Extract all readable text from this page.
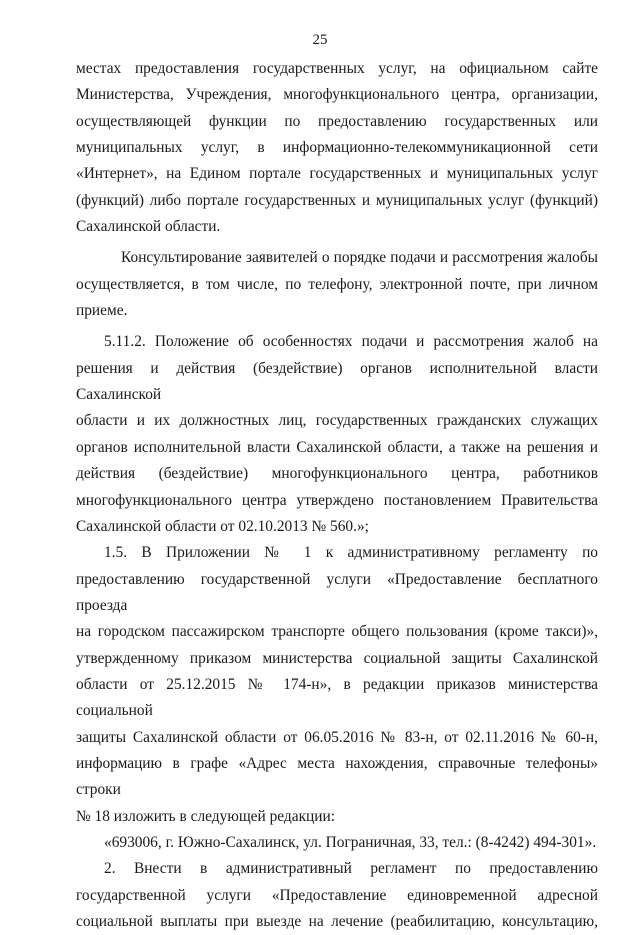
25
местах предоставления государственных услуг, на официальном сайте
Министерства, Учреждения, многофункционального центра, организации,
осуществляющей функции по предоставлению государственных или
муниципальных услуг, в информационно-телекоммуникационной сети
«Интернет», на Едином портале государственных и муниципальных услуг
(функций) либо портале государственных и муниципальных услуг (функций)
Сахалинской области.
Консультирование заявителей о порядке подачи и рассмотрения жалобы
осуществляется, в том числе, по телефону, электронной почте, при личном
приеме.
5.11.2. Положение об особенностях подачи и рассмотрения жалоб на
решения и действия (бездействие) органов исполнительной власти Сахалинской
области и их должностных лиц, государственных гражданских служащих
органов исполнительной власти Сахалинской области, а также на решения и
действия (бездействие) многофункционального центра, работников
многофункционального центра утверждено постановлением Правительства
Сахалинской области от 02.10.2013 № 560.»;
1.5. В Приложении № 1 к административному регламенту по
предоставлению государственной услуги «Предоставление бесплатного проезда
на городском пассажирском транспорте общего пользования (кроме такси)»,
утвержденному приказом министерства социальной защиты Сахалинской
области от 25.12.2015 № 174-н», в редакции приказов министерства социальной
защиты Сахалинской области от 06.05.2016 № 83-н, от 02.11.2016 № 60-н,
информацию в графе «Адрес места нахождения, справочные телефоны» строки
№ 18 изложить в следующей редакции:
«693006, г. Южно-Сахалинск, ул. Пограничная, 33, тел.: (8-4242) 494-301».
2. Внести в административный регламент по предоставлению
государственной услуги «Предоставление единовременной адресной
социальной выплаты при выезде на лечение (реабилитацию, консультацию,
